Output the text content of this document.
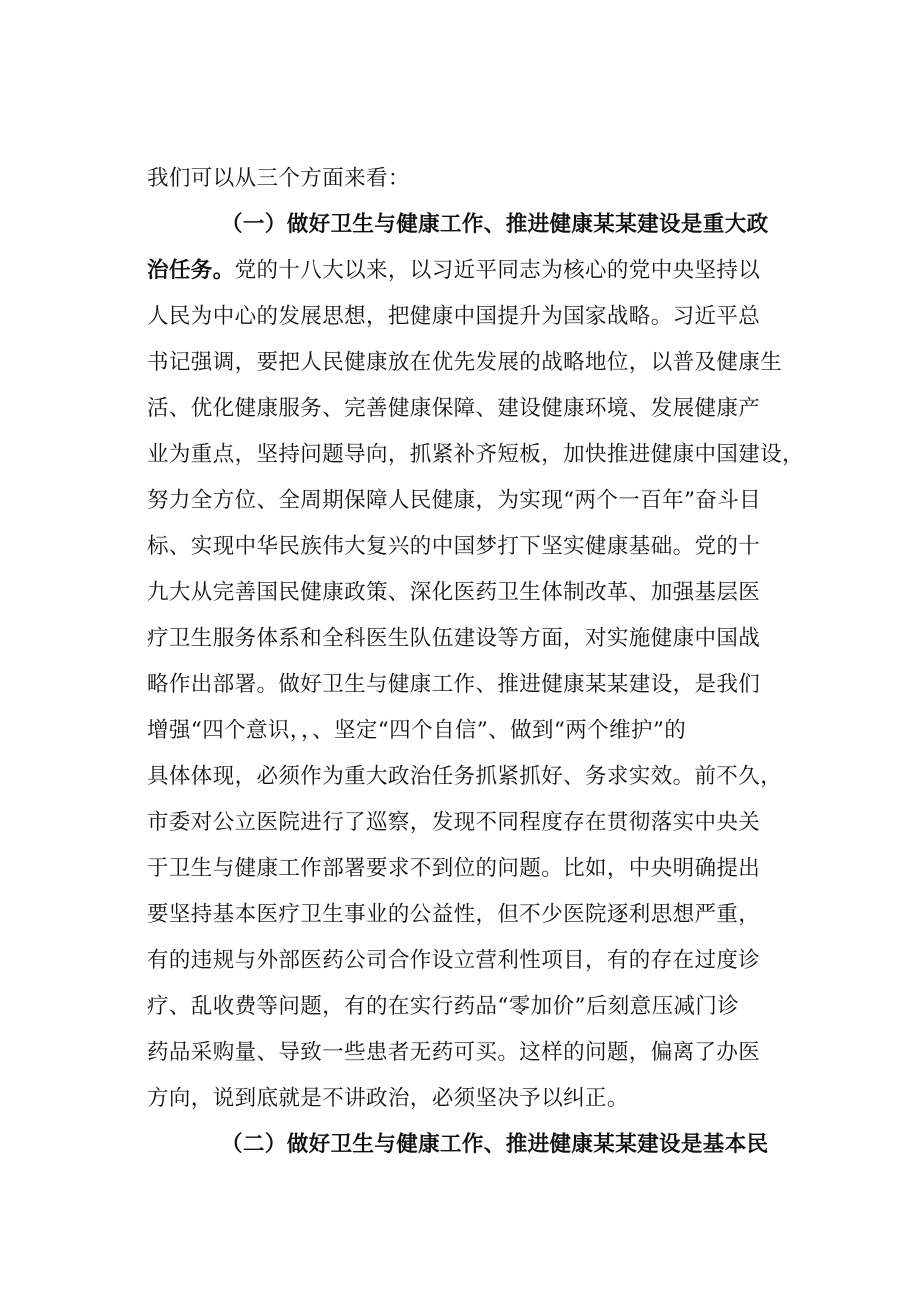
我们可以从三个方面来看：
（一）做好卫生与健康工作、推进健康某某建设是重大政
治任务。党的十八大以来，以习近平同志为核心的党中央坚持以
人民为中心的发展思想，把健康中国提升为国家战略。习近平总
书记强调，要把人民健康放在优先发展的战略地位，以普及健康生
活、优化健康服务、完善健康保障、建设健康环境、发展健康产
业为重点，坚持问题导向，抓紧补齐短板，加快推进健康中国建设，
努力全方位、全周期保障人民健康，为实现“两个一百年”奋斗目
标、实现中华民族伟大复兴的中国梦打下坚实健康基础。党的十
九大从完善国民健康政策、深化医药卫生体制改革、加强基层医
疗卫生服务体系和全科医生队伍建设等方面，对实施健康中国战
略作出部署。做好卫生与健康工作、推进健康某某建设，是我们
增强“四个意识，，、坚定“四个自信”、做到“两个维护”的
具体体现，必须作为重大政治任务抓紧抓好、务求实效。前不久，
市委对公立医院进行了巡察，发现不同程度存在贯彻落实中央关
于卫生与健康工作部署要求不到位的问题。比如，中央明确提出
要坚持基本医疗卫生事业的公益性，但不少医院逐利思想严重，
有的违规与外部医药公司合作设立营利性项目，有的存在过度诊
疗、乱收费等问题，有的在实行药品“零加价”后刻意压减门诊
药品采购量、导致一些患者无药可买。这样的问题，偏离了办医
方向，说到底就是不讲政治，必须坚决予以纠正。
（二）做好卫生与健康工作、推进健康某某建设是基本民
